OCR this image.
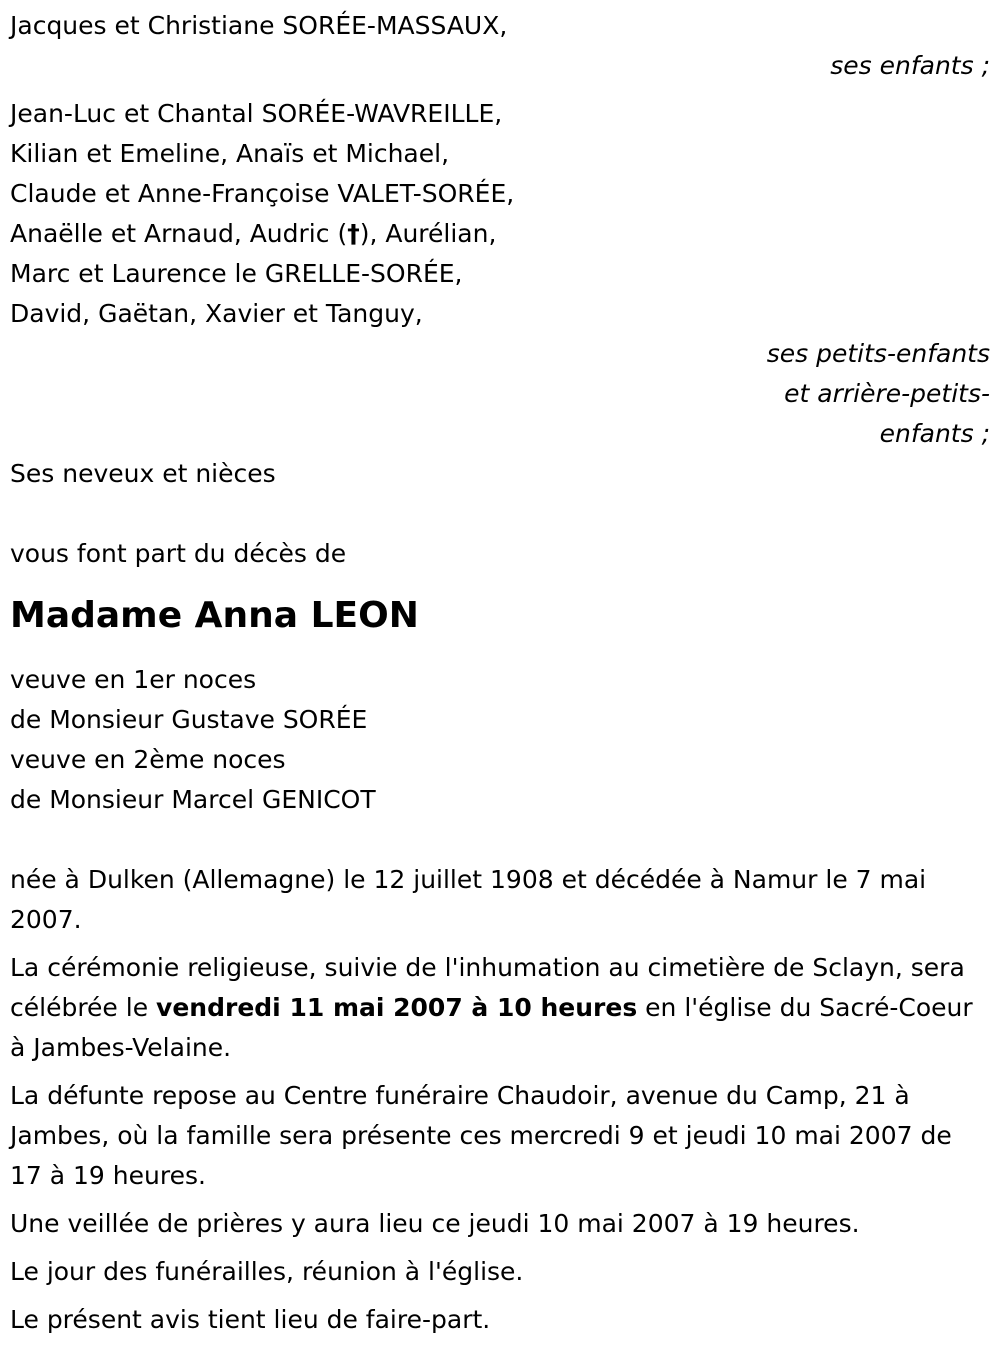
Jacques et Christiane SORÉE-MASSAUX,
ses enfants ;
Jean-Luc et Chantal SORÉE-WAVREILLE,
Kilian et Emeline, Anaïs et Michael,
Claude et Anne-Françoise VALET-SORÉE,
Anaëlle et Arnaud, Audric (†), Aurélian,
Marc et Laurence le GRELLE-SORÉE,
David, Gaëtan, Xavier et Tanguy,
ses petits-enfants
et arrière-petits-
enfants ;
Ses neveux et nièces
vous font part du décès de
Madame Anna LEON
veuve en 1er noces
de Monsieur Gustave SORÉE
veuve en 2ème noces
de Monsieur Marcel GENICOT
née à Dulken (Allemagne) le 12 juillet 1908 et décédée à Namur le 7 mai 2007.
La cérémonie religieuse, suivie de l'inhumation au cimetière de Sclayn, sera célébrée le vendredi 11 mai 2007 à 10 heures en l'église du Sacré-Coeur à Jambes-Velaine.
La défunte repose au Centre funéraire Chaudoir, avenue du Camp, 21 à Jambes, où la famille sera présente ces mercredi 9 et jeudi 10 mai 2007 de 17 à 19 heures.
Une veillée de prières y aura lieu ce jeudi 10 mai 2007 à 19 heures.
Le jour des funérailles, réunion à l'église.
Le présent avis tient lieu de faire-part.
